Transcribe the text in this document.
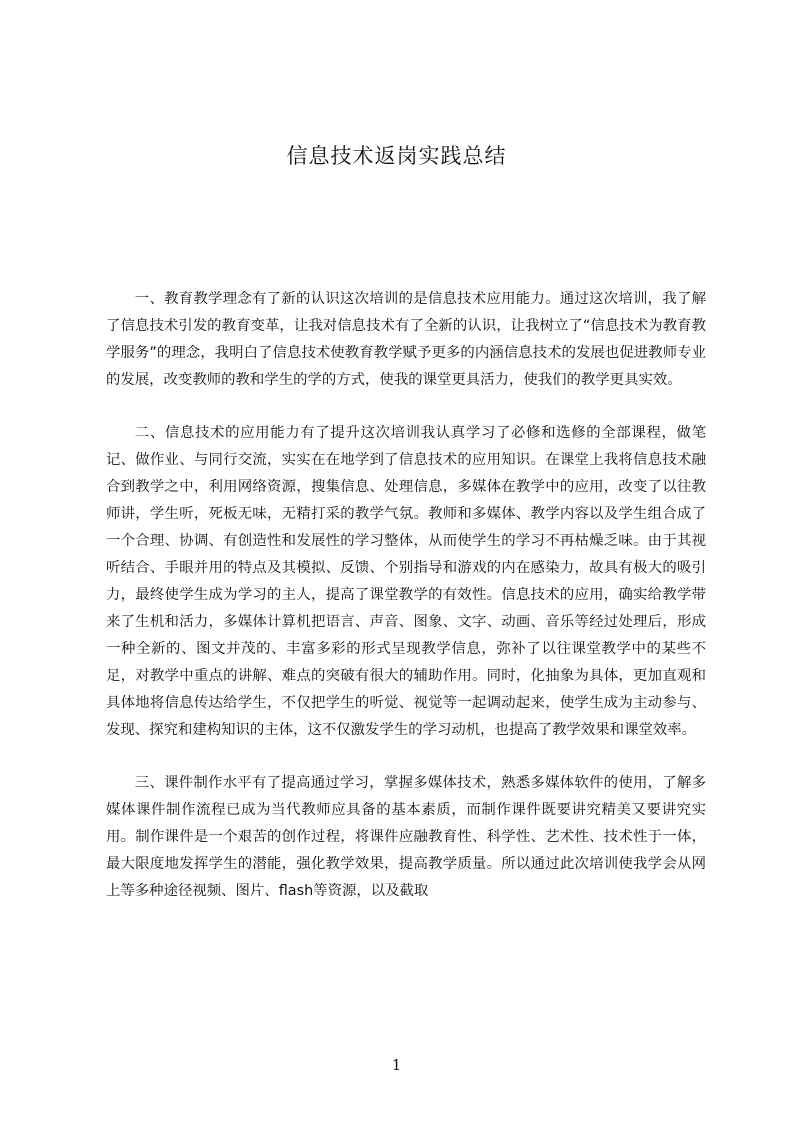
信息技术返岗实践总结

一、教育教学理念有了新的认识这次培训的是信息技术应用能力。通过这次培训，我了解了信息技术引发的教育变革，让我对信息技术有了全新的认识，让我树立了“信息技术为教育教学服务”的理念，我明白了信息技术使教育教学赋予更多的内涵信息技术的发展也促进教师专业的发展，改变教师的教和学生的学的方式，使我的课堂更具活力，使我们的教学更具实效。

二、信息技术的应用能力有了提升这次培训我认真学习了必修和选修的全部课程，做笔记、做作业、与同行交流，实实在在地学到了信息技术的应用知识。在课堂上我将信息技术融合到教学之中，利用网络资源，搜集信息、处理信息，多媒体在教学中的应用，改变了以往教师讲，学生听，死板无味，无精打采的教学气氛。教师和多媒体、教学内容以及学生组合成了一个合理、协调、有创造性和发展性的学习整体，从而使学生的学习不再枯燥乏味。由于其视听结合、手眼并用的特点及其模拟、反馈、个别指导和游戏的内在感染力，故具有极大的吸引力，最终使学生成为学习的主人，提高了课堂教学的有效性。信息技术的应用，确实给教学带来了生机和活力，多媒体计算机把语言、声音、图象、文字、动画、音乐等经过处理后，形成一种全新的、图文并茂的、丰富多彩的形式呈现教学信息，弥补了以往课堂教学中的某些不足，对教学中重点的讲解、难点的突破有很大的辅助作用。同时，化抽象为具体，更加直观和具体地将信息传达给学生，不仅把学生的听觉、视觉等一起调动起来，使学生成为主动参与、发现、探究和建构知识的主体，这不仅激发学生的学习动机，也提高了教学效果和课堂效率。

三、课件制作水平有了提高通过学习，掌握多媒体技术，熟悉多媒体软件的使用，了解多媒体课件制作流程已成为当代教师应具备的基本素质，而制作课件既要讲究精美又要讲究实用。制作课件是一个艰苦的创作过程，将课件应融教育性、科学性、艺术性、技术性于一体，最大限度地发挥学生的潜能，强化教学效果，提高教学质量。所以通过此次培训使我学会从网上等多种途径视频、图片、flash等资源，以及截取

1
